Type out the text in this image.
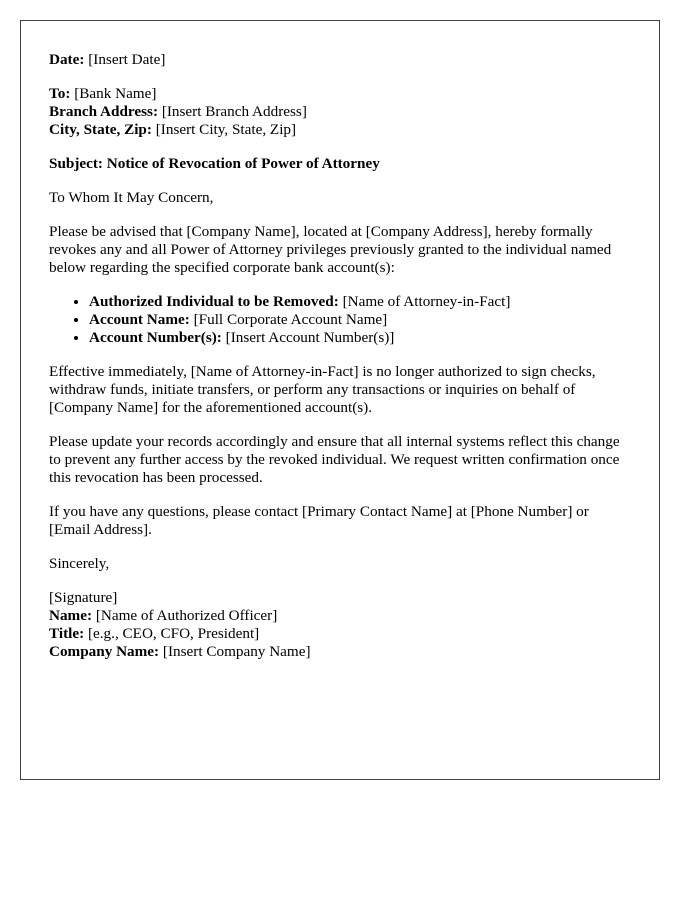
Date: [Insert Date]
To: [Bank Name]
Branch Address: [Insert Branch Address]
City, State, Zip: [Insert City, State, Zip]

Subject: Notice of Revocation of Power of Attorney

To Whom It May Concern,

Please be advised that [Company Name], located at [Company Address], hereby formally revokes any and all Power of Attorney privileges previously granted to the individual named below regarding the specified corporate bank account(s):

• Authorized Individual to be Removed: [Name of Attorney-in-Fact]
• Account Name: [Full Corporate Account Name]
• Account Number(s): [Insert Account Number(s)]

Effective immediately, [Name of Attorney-in-Fact] is no longer authorized to sign checks, withdraw funds, initiate transfers, or perform any transactions or inquiries on behalf of [Company Name] for the aforementioned account(s).

Please update your records accordingly and ensure that all internal systems reflect this change to prevent any further access by the revoked individual. We request written confirmation once this revocation has been processed.

If you have any questions, please contact [Primary Contact Name] at [Phone Number] or [Email Address].

Sincerely,

[Signature]
Name: [Name of Authorized Officer]
Title: [e.g., CEO, CFO, President]
Company Name: [Insert Company Name]
